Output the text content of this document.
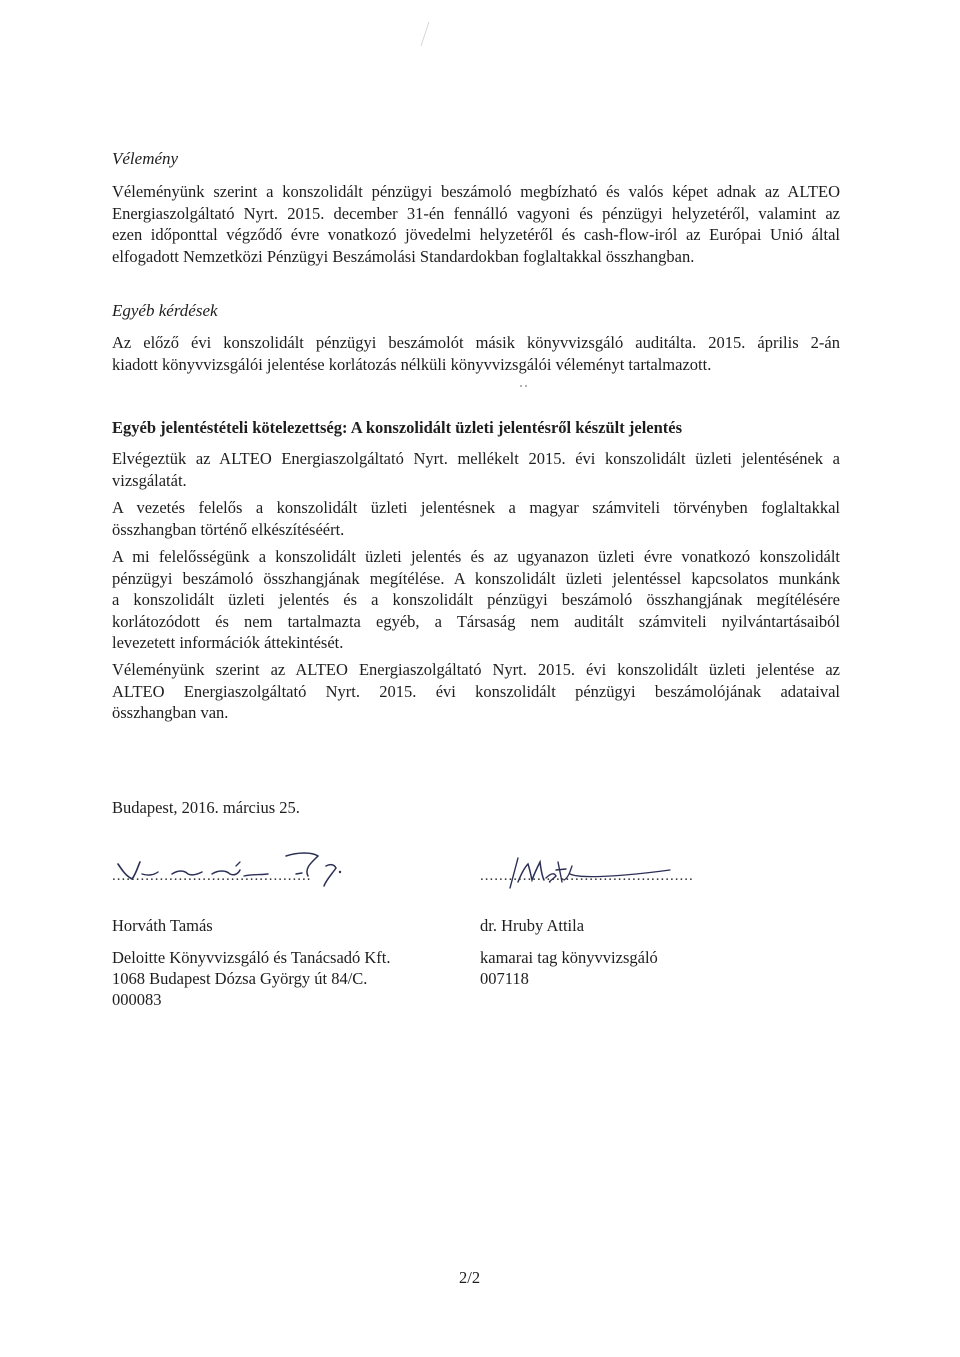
Vélemény
Véleményünk szerint a konszolidált pénzügyi beszámoló megbízható és valós képet adnak az ALTEO
Energiaszolgáltató Nyrt. 2015. december 31-én fennálló vagyoni és pénzügyi helyzetéről, valamint az
ezen időponttal végződő évre vonatkozó jövedelmi helyzetéről és cash-flow-iról az Európai Unió által
elfogadott Nemzetközi Pénzügyi Beszámolási Standardokban foglaltakkal összhangban.
Egyéb kérdések
Az előző évi konszolidált pénzügyi beszámolót másik könyvvizsgáló auditálta. 2015. április 2-án
kiadott könyvvizsgálói jelentése korlátozás nélküli könyvvizsgálói véleményt tartalmazott.
Egyéb jelentéstételi kötelezettség: A konszolidált üzleti jelentésről készült jelentés
Elvégeztük az ALTEO Energiaszolgáltató Nyrt. mellékelt 2015. évi konszolidált üzleti jelentésének a
vizsgálatát.
A vezetés felelős a konszolidált üzleti jelentésnek a magyar számviteli törvényben foglaltakkal
összhangban történő elkészítéséért.
A mi felelősségünk a konszolidált üzleti jelentés és az ugyanazon üzleti évre vonatkozó konszolidált
pénzügyi beszámoló összhangjának megítélése. A konszolidált üzleti jelentéssel kapcsolatos munkánk
a konszolidált üzleti jelentés és a konszolidált pénzügyi beszámoló összhangjának megítélésére
korlátozódott és nem tartalmazta egyéb, a Társaság nem auditált számviteli nyilvántartásaiból
levezetett információk áttekintését.
Véleményünk szerint az ALTEO Energiaszolgáltató Nyrt. 2015. évi konszolidált üzleti jelentése az
ALTEO Energiaszolgáltató Nyrt. 2015. évi konszolidált pénzügyi beszámolójának adataival
összhangban van.
Budapest, 2016. március 25.
..........................................
Horváth Tamás
Deloitte Könyvvizsgáló és Tanácsadó Kft.
1068 Budapest Dózsa György út 84/C.
000083
.............................................
dr. Hruby Attila
kamarai tag könyvvizsgáló
007118
2/2
